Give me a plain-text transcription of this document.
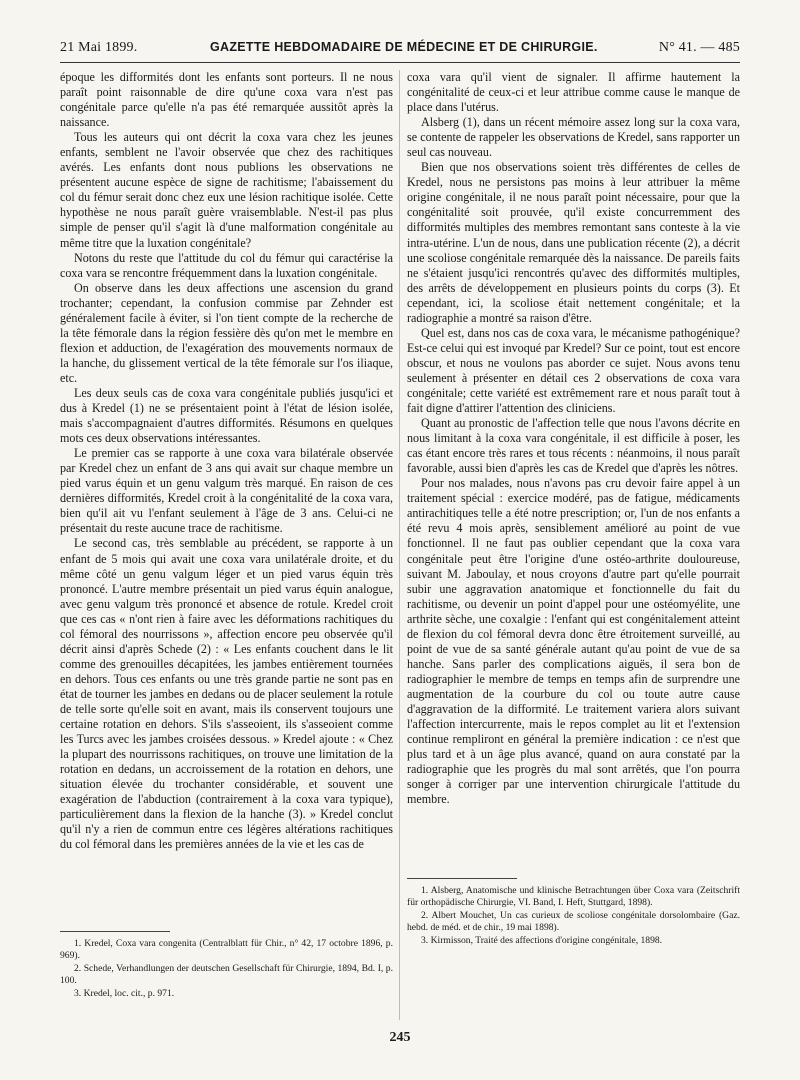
21 Mai 1899.	GAZETTE HEBDOMADAIRE DE MÉDECINE ET DE CHIRURGIE.	N° 41. — 485

époque les difformités dont les enfants sont porteurs. Il ne nous paraît point raisonnable de dire qu'une coxa vara n'est pas congénitale parce qu'elle n'a pas été remarquée aussitôt après la naissance.

Tous les auteurs qui ont décrit la coxa vara chez les jeunes enfants, semblent ne l'avoir observée que chez des rachitiques avérés. Les enfants dont nous publions les observations ne présentent aucune espèce de signe de rachitisme; l'abaissement du col du fémur serait donc chez eux une lésion rachitique isolée. Cette hypothèse ne nous paraît guère vraisemblable. N'est-il pas plus simple de penser qu'il s'agit là d'une malformation congénitale au même titre que la luxation congénitale?

Notons du reste que l'attitude du col du fémur qui caractérise la coxa vara se rencontre fréquemment dans la luxation congénitale.

On observe dans les deux affections une ascension du grand trochanter; cependant, la confusion commise par Zehnder est généralement facile à éviter, si l'on tient compte de la recherche de la tête fémorale dans la région fessière dès qu'on met le membre en flexion et adduction, de l'exagération des mouvements normaux de la hanche, du glissement vertical de la tête fémorale sur l'os iliaque, etc.

Les deux seuls cas de coxa vara congénitale publiés jusqu'ici et dus à Kredel (1) ne se présentaient point à l'état de lésion isolée, mais s'accompagnaient d'autres difformités. Résumons en quelques mots ces deux observations intéressantes.

Le premier cas se rapporte à une coxa vara bilatérale observée par Kredel chez un enfant de 3 ans qui avait sur chaque membre un pied varus équin et un genu valgum très marqué. En raison de ces dernières difformités, Kredel croit à la congénitalité de la coxa vara, bien qu'il ait vu l'enfant seulement à l'âge de 3 ans. Celui-ci ne présentait du reste aucune trace de rachitisme.

Le second cas, très semblable au précédent, se rapporte à un enfant de 5 mois qui avait une coxa vara unilatérale droite, et du même côté un genu valgum léger et un pied varus équin très prononcé. L'autre membre présentait un pied varus équin analogue, avec genu valgum très prononcé et absence de rotule. Kredel croit que ces cas « n'ont rien à faire avec les déformations rachitiques du col fémoral des nourrissons », affection encore peu observée qu'il décrit ainsi d'après Schede (2) : « Les enfants couchent dans le lit comme des grenouilles décapitées, les jambes entièrement tournées en dehors. Tous ces enfants ou une très grande partie ne sont pas en état de tourner les jambes en dedans ou de placer seulement la rotule de telle sorte qu'elle soit en avant, mais ils conservent toujours une certaine rotation en dehors. S'ils s'asseoient, ils s'asseoient comme les Turcs avec les jambes croisées dessous. » Kredel ajoute : « Chez la plupart des nourrissons rachitiques, on trouve une limitation de la rotation en dedans, un accroissement de la rotation en dehors, une situation élevée du trochanter considérable, et souvent une exagération de l'abduction (contrairement à la coxa vara typique), particulièrement dans la flexion de la hanche (3). » Kredel conclut qu'il n'y a rien de commun entre ces légères altérations rachitiques du col fémoral dans les premières années de la vie et les cas de

coxa vara qu'il vient de signaler. Il affirme hautement la congénitalité de ceux-ci et leur attribue comme cause le manque de place dans l'utérus.

Alsberg (1), dans un récent mémoire assez long sur la coxa vara, se contente de rappeler les observations de Kredel, sans rapporter un seul cas nouveau.

Bien que nos observations soient très différentes de celles de Kredel, nous ne persistons pas moins à leur attribuer la même origine congénitale, il ne nous paraît point nécessaire, pour que la congénitalité soit prouvée, qu'il existe concurremment des difformités multiples des membres remontant sans conteste à la vie intra-utérine. L'un de nous, dans une publication récente (2), a décrit une scoliose congénitale remarquée dès la naissance. De pareils faits ne s'étaient jusqu'ici rencontrés qu'avec des difformités multiples, des arrêts de développement en plusieurs points du corps (3). Et cependant, ici, la scoliose était nettement congénitale; et la radiographie a montré sa raison d'être.

Quel est, dans nos cas de coxa vara, le mécanisme pathogénique? Est-ce celui qui est invoqué par Kredel? Sur ce point, tout est encore obscur, et nous ne voulons pas aborder ce sujet. Nous avons tenu seulement à présenter en détail ces 2 observations de coxa vara congénitale; cette variété est extrêmement rare et nous paraît tout à fait digne d'attirer l'attention des cliniciens.

Quant au pronostic de l'affection telle que nous l'avons décrite en nous limitant à la coxa vara congénitale, il est difficile à poser, les cas étant encore très rares et tous récents : néanmoins, il nous paraît favorable, aussi bien d'après les cas de Kredel que d'après les nôtres.

Pour nos malades, nous n'avons pas cru devoir faire appel à un traitement spécial : exercice modéré, pas de fatigue, médicaments antirachitiques telle a été notre prescription; or, l'un de nos enfants a été revu 4 mois après, sensiblement amélioré au point de vue fonctionnel. Il ne faut pas oublier cependant que la coxa vara congénitale peut être l'origine d'une ostéo-arthrite douloureuse, suivant M. Jaboulay, et nous croyons d'autre part qu'elle pourrait subir une aggravation anatomique et fonctionnelle du fait du rachitisme, ou devenir un point d'appel pour une ostéomyélite, une arthrite sèche, une coxalgie : l'enfant qui est congénitalement atteint de flexion du col fémoral devra donc être étroitement surveillé, au point de vue de sa santé générale autant qu'au point de vue de sa hanche. Sans parler des complications aiguës, il sera bon de radiographier le membre de temps en temps afin de surprendre une augmentation de la courbure du col ou toute autre cause d'aggravation de la difformité. Le traitement variera alors suivant l'affection intercurrente, mais le repos complet au lit et l'extension continue rempliront en général la première indication : ce n'est que plus tard et à un âge plus avancé, quand on aura constaté par la radiographie que les progrès du mal sont arrêtés, que l'on pourra songer à corriger par une intervention chirurgicale l'attitude du membre.

1. Kredel, Coxa vara congenita (Centralblatt für Chir., n° 42, 17 octobre 1896, p. 969).

2. Schede, Verhandlungen der deutschen Gesellschaft für Chirurgie, 1894, Bd. I, p. 100.

3. Kredel, loc. cit., p. 971.

1. Alsberg, Anatomische und klinische Betrachtungen über Coxa vara (Zeitschrift für orthopädische Chirurgie, VI. Band, I. Heft, Stuttgard, 1898).

2. Albert Mouchet, Un cas curieux de scoliose congénitale dorsolombaire (Gaz. hebd. de méd. et de chir., 19 mai 1898).

3. Kirmisson, Traité des affections d'origine congénitale, 1898.

245
